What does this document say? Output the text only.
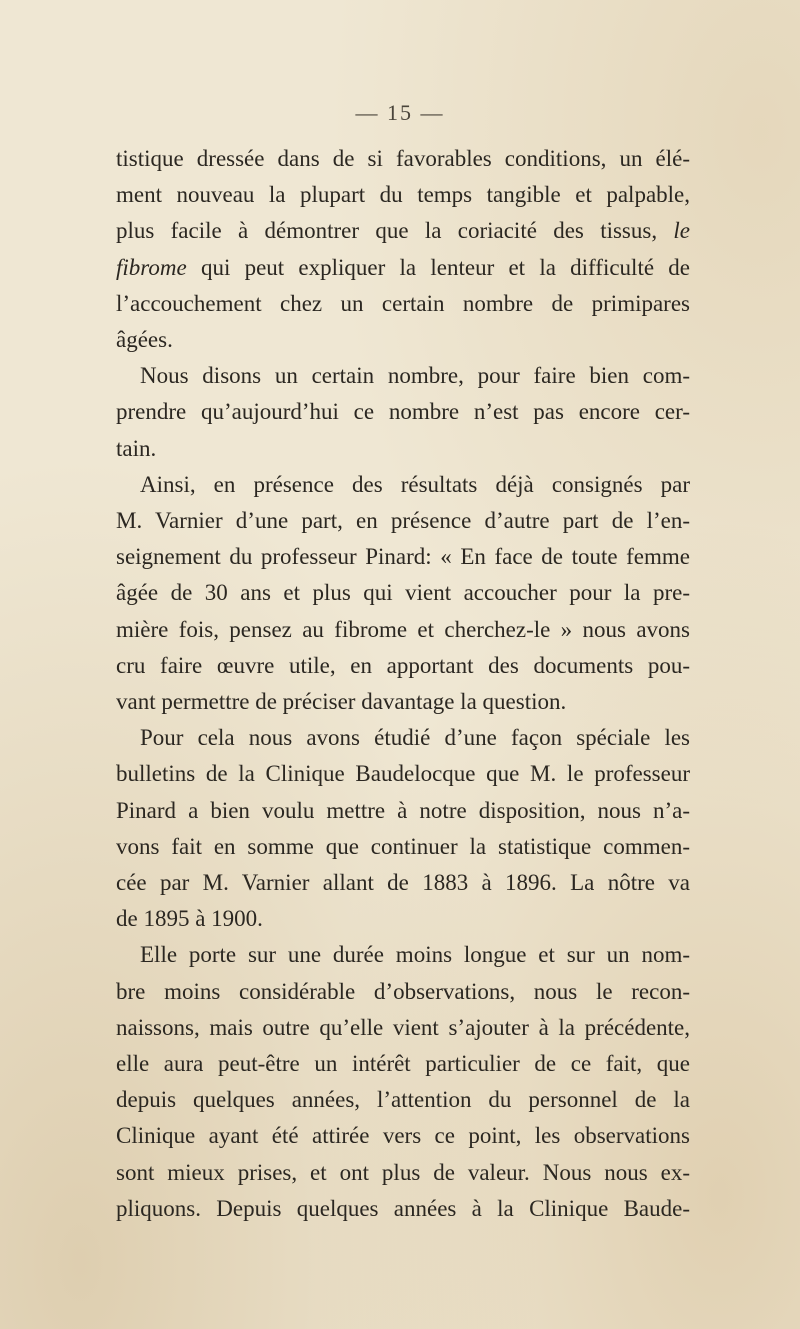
— 15 —
tistique dressée dans de si favorables conditions, un élé-
ment nouveau la plupart du temps tangible et palpable,
plus facile à démontrer que la coriacité des tissus, le
fibrome qui peut expliquer la lenteur et la difficulté de
l’accouchement chez un certain nombre de primipares
âgées.
Nous disons un certain nombre, pour faire bien com-
prendre qu’aujourd’hui ce nombre n’est pas encore cer-
tain.
Ainsi, en présence des résultats déjà consignés par
M. Varnier d’une part, en présence d’autre part de l’en-
seignement du professeur Pinard: « En face de toute femme
âgée de 30 ans et plus qui vient accoucher pour la pre-
mière fois, pensez au fibrome et cherchez-le » nous avons
cru faire œuvre utile, en apportant des documents pou-
vant permettre de préciser davantage la question.
Pour cela nous avons étudié d’une façon spéciale les
bulletins de la Clinique Baudelocque que M. le professeur
Pinard a bien voulu mettre à notre disposition, nous n’a-
vons fait en somme que continuer la statistique commen-
cée par M. Varnier allant de 1883 à 1896. La nôtre va
de 1895 à 1900.
Elle porte sur une durée moins longue et sur un nom-
bre moins considérable d’observations, nous le recon-
naissons, mais outre qu’elle vient s’ajouter à la précédente,
elle aura peut-être un intérêt particulier de ce fait, que
depuis quelques années, l’attention du personnel de la
Clinique ayant été attirée vers ce point, les observations
sont mieux prises, et ont plus de valeur. Nous nous ex-
pliquons. Depuis quelques années à la Clinique Baude-
